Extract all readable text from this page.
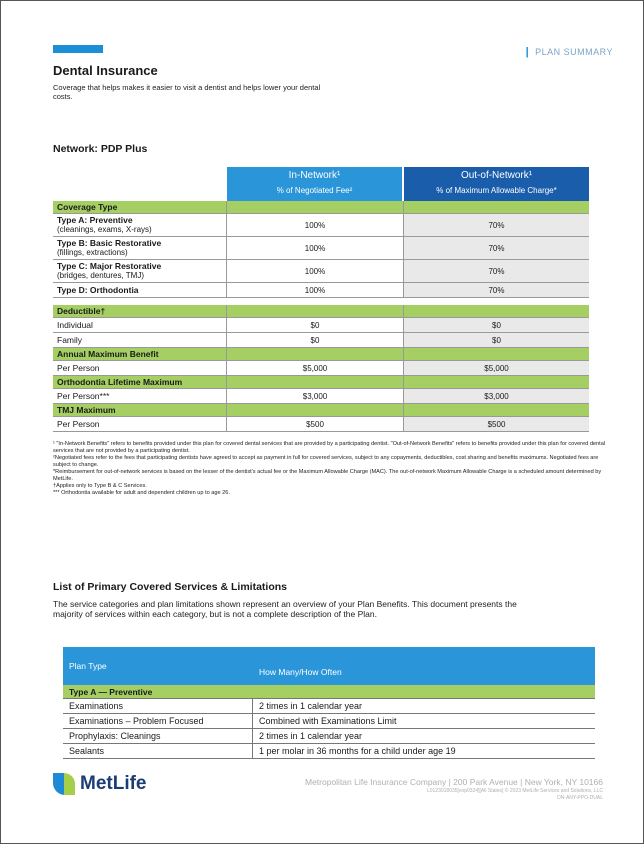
| PLAN SUMMARY
Dental Insurance
Coverage that helps makes it easier to visit a dentist and helps lower your dental costs.
Network: PDP Plus
In-Network¹
% of Negotiated Fee²
Out-of-Network¹
% of Maximum Allowable Charge*
Coverage Type
Type A: Preventive
(cleanings, exams, X-rays)	100%	70%
Type B: Basic Restorative
(fillings, extractions)	100%	70%
Type C: Major Restorative
(bridges, dentures, TMJ)	100%	70%
Type D: Orthodontia	100%	70%
Deductible†
Individual	$0	$0
Family	$0	$0
Annual Maximum Benefit
Per Person	$5,000	$5,000
Orthodontia Lifetime Maximum
Per Person***	$3,000	$3,000
TMJ Maximum
Per Person	$500	$500
¹ "In-Network Benefits" refers to benefits provided under this plan for covered dental services that are provided by a participating dentist. "Out-of-Network Benefits" refers to benefits provided under this plan for covered dental services that are not provided by a participating dentist.
²Negotiated fees refer to the fees that participating dentists have agreed to accept as payment in full for covered services, subject to any copayments, deductibles, cost sharing and benefits maximums. Negotiated fees are subject to change.
*Reimbursement for out-of-network services is based on the lesser of the dentist's actual fee or the Maximum Allowable Charge (MAC). The out-of-network Maximum Allowable Charge is a scheduled amount determined by MetLife.
†Applies only to Type B & C Services.
*** Orthodontia available for adult and dependent children up to age 26.
List of Primary Covered Services & Limitations
The service categories and plan limitations shown represent an overview of your Plan Benefits. This document presents the majority of services within each category, but is not a complete description of the Plan.
Plan Type
How Many/How Often
Type A — Preventive
Examinations	2 times in 1 calendar year
Examinations – Problem Focused	Combined with Examinations Limit
Prophylaxis: Cleanings	2 times in 1 calendar year
Sealants	1 per molar in 36 months for a child under age 19
MetLife	Metropolitan Life Insurance Company | 200 Park Avenue | New York, NY 10166
L0123018035[exp0324][All States] © 2023 MetLife Services and Solutions, LLC
DN-ANY-PPO-DUAL
